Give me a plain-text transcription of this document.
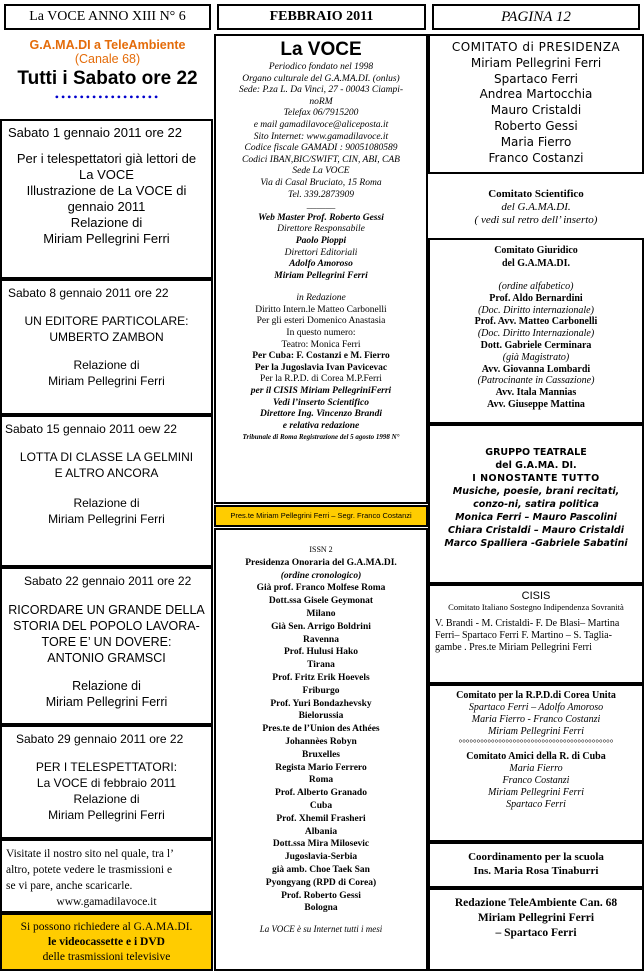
La VOCE ANNO XIII N° 6	FEBBRAIO 2011	PAGINA 12
G.A.MA.DI a TeleAmbiente
(Canale 68)
Tutti i Sabato ore 22
•••••••••••••••••
Sabato 1 gennaio 2011 ore 22
Per i telespettatori già lettori de
La VOCE
Illustrazione de La VOCE di
gennaio 2011
Relazione di
Miriam Pellegrini Ferri
Sabato 8 gennaio 2011 ore 22
UN EDITORE PARTICOLARE:
UMBERTO ZAMBON
Relazione di
Miriam Pellegrini Ferri
Sabato 15 gennaio 2011 oew 22
LOTTA DI CLASSE LA GELMINI
E ALTRO ANCORA
Relazione di
Miriam Pellegrini Ferri
Sabato 22 gennaio 2011 ore 22
RICORDARE UN GRANDE DELLA
STORIA DEL POPOLO LAVORA-
TORE E’ UN DOVERE:
ANTONIO GRAMSCI
Relazione di
Miriam Pellegrini Ferri
Sabato 29 gennaio 2011 ore 22
PER I TELESPETTATORI:
La VOCE di febbraio 2011
Relazione di
Miriam Pellegrini Ferri
Visitate il nostro sito nel quale, tra l’
altro, potete vedere le trasmissioni e
se vi pare, anche scaricarle.
www.gamadilavoce.it
Si possono richiedere al G.A.MA.DI.
le videocassette e i DVD
delle trasmissioni televisive
La VOCE
Periodico fondato nel 1998
Organo culturale del G.A.MA.DI. (onlus)
Sede: P.za L. Da Vinci, 27 - 00043 Ciampi-
noRM
Telefax 06/7915200
e mail gamadilavoce@aliceposta.it
Sito Internet: www.gamadilavoce.it
Codice fiscale GAMADI : 90051080589
Codici IBAN,BIC/SWIFT, CIN, ABI, CAB
Sede La VOCE
Via di Casal Bruciato, 15 Roma
Tel. 339.2873909
______
Web Master Prof. Roberto Gessi
Direttore Responsabile
Paolo Pioppi
Direttori Editoriali
Adolfo Amoroso
Miriam Pellegrini Ferri
in Redazione
Diritto Intern.le Matteo Carbonelli
Per gli esteri Domenico Anastasia
In questo numero:
Teatro: Monica Ferri
Per Cuba: F. Costanzi e M. Fierro
Per la Jugoslavia Ivan Pavicevac
Per la R.P.D. di Corea M.P.Ferri
per il CISIS Miriam PellegriniFerri
Vedi l’inserto Scientifico
Direttore Ing. Vincenzo Brandi
e relativa redazione
Tribunale di Roma Registrazione del 5 agosto 1998 N°
Pres.te Miriam Pellegrini Ferri – Segr. Franco Costanzi
ISSN 2
Presidenza Onoraria del G.A.MA.DI.
(ordine cronologico)
Già prof. Franco Molfese Roma
Dott.ssa Gisele Geymonat
Milano
Già Sen. Arrigo Boldrini
Ravenna
Prof. Hulusi Hako
Tirana
Prof. Fritz Erik Hoevels
Friburgo
Prof. Yuri Bondazhevsky
Bielorussia
Pres.te de l’Union des Athées
Johannèes Robyn
Bruxelles
Regista Mario Ferrero
Roma
Prof. Alberto Granado
Cuba
Prof. Xhemil Frasheri
Albania
Dott.ssa Mira Milosevic
Jugoslavia-Serbia
già amb. Choe Taek San
Pyongyang (RPD di Corea)
Prof. Roberto Gessi
Bologna
La VOCE è su Internet tutti i mesi
COMITATO di PRESIDENZA
Miriam Pellegrini Ferri
Spartaco Ferri
Andrea Martocchia
Mauro Cristaldi
Roberto Gessi
Maria Fierro
Franco Costanzi
Comitato Scientifico
del G.A.MA.DI.
( vedi sul retro dell’ inserto)
Comitato Giuridico
del G.A.MA.DI.
(ordine alfabetico)
Prof. Aldo Bernardini
(Doc. Diritto internazionale)
Prof. Avv. Matteo Carbonelli
(Doc. Diritto Internazionale)
Dott. Gabriele Cerminara
(già Magistrato)
Avv. Giovanna Lombardi
(Patrocinante in Cassazione)
Avv. Itala Mannias
Avv. Giuseppe Mattina
GRUPPO TEATRALE
del G.A.MA. DI.
I NONOSTANTE TUTTO
Musiche, poesie, brani recitati, conzo-ni, satira politica
Monica Ferri – Mauro Pascolini
Chiara Cristaldi – Mauro Cristaldi
Marco Spalliera -Gabriele Sabatini
CISIS
Comitato Italiano Sostegno Indipendenza Sovranità
V. Brandi - M. Cristaldi- F. De Blasi– Martina Ferri– Spartaco Ferri F. Martino – S. Taglia-gambe . Pres.te Miriam Pellegrini Ferri
Comitato per la R.P.D.di Corea Unita
Spartaco Ferri – Adolfo Amoroso
Maria Fierro - Franco Costanzi
Miriam Pellegrini Ferri
°°°°°°°°°°°°°°°°°°°°°°°°°°°°°°°°°°°°°°°°°°°
Comitato Amici della R. di Cuba
Maria Fierro
Franco Costanzi
Miriam Pellegrini Ferri
Spartaco Ferri
Coordinamento per la scuola
Ins. Maria Rosa Tinaburri
Redazione TeleAmbiente Can. 68
Miriam Pellegrini Ferri
– Spartaco Ferri
